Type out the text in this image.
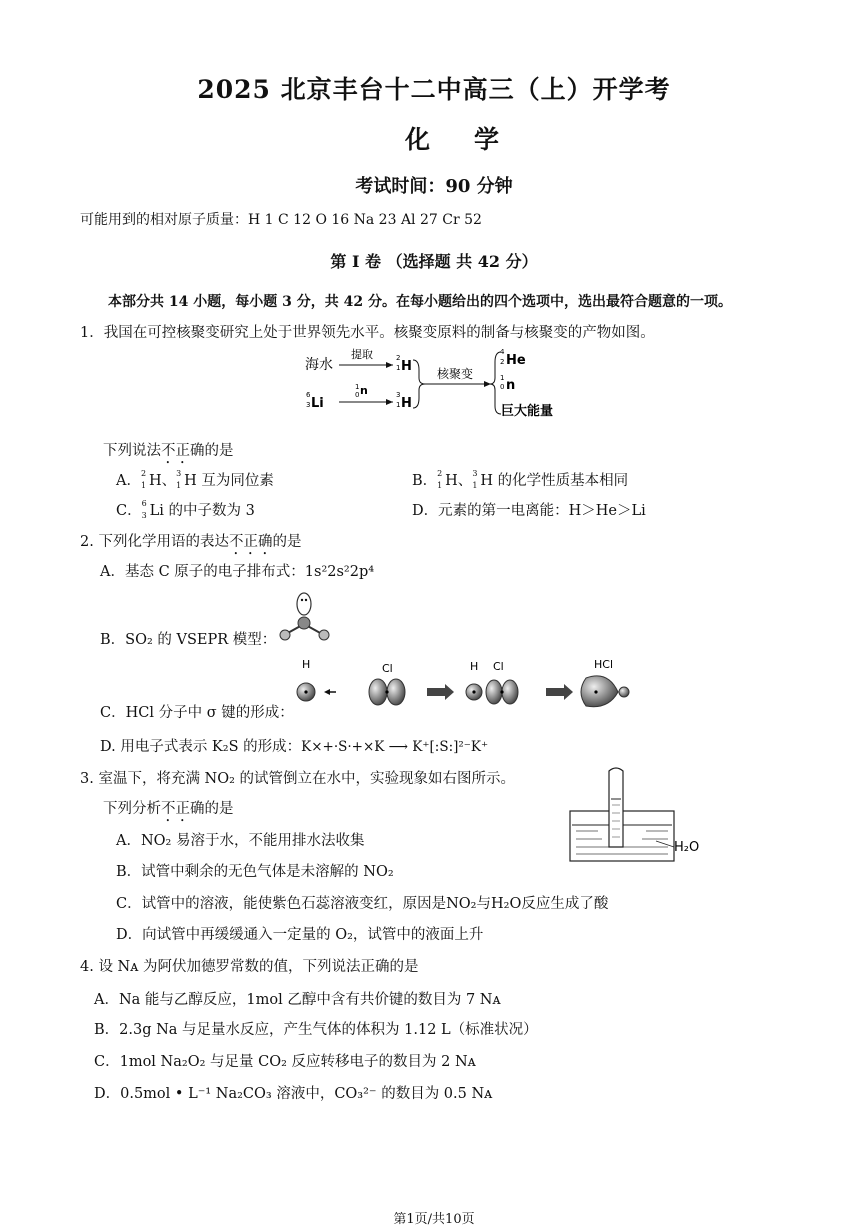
2025 北京丰台十二中高三（上）开学考
化学
考试时间：90 分钟
可能用到的相对原子质量：H 1 C 12 O 16 Na 23 Al 27 Cr 52
第 I 卷 （选择题 共 42 分）
本部分共 14 小题，每小题 3 分，共 42 分。在每小题给出的四个选项中，选出最符合题意的一项。
1．我国在可控核聚变研究上处于世界领先水平。核聚变原料的制备与核聚变的产物如图。
海水
提取	2
1 H
6
3 Li
1
0 n	3
1 H
核聚变
4
2 He
1
0 n
巨大能量
下列说法不正确的是
A． 2
1 H、 3
1 H 互为同位素	B． 2
1 H、 3
1 H 的化学性质基本相同
C． 6
3 Li 的中子数为 3	D．元素的第一电离能：H＞He＞Li
2. 下列化学用语的表达不正确的是
A．基态 C 原子的电子排布式：1s²2s²2p⁴
B．SO₂ 的 VSEPR 模型：
C．HCl 分子中 σ 键的形成：
H	Cl	H Cl	HCl
D. 用电子式表示 K₂S 的形成：K×+·S·+×K ⟶ K⁺[:S:]²⁻K⁺
3. 室温下，将充满 NO₂ 的试管倒立在水中，实验现象如右图所示。
下列分析不正确的是
H₂O
A．NO₂ 易溶于水，不能用排水法收集
B．试管中剩余的无色气体是未溶解的 NO₂
C．试管中的溶液，能使紫色石蕊溶液变红，原因是NO₂与H₂O反应生成了酸
D．向试管中再缓缓通入一定量的 O₂，试管中的液面上升
4. 设 Nᴀ 为阿伏加德罗常数的值，下列说法正确的是
A．Na 能与乙醇反应，1mol 乙醇中含有共价键的数目为 7 Nᴀ
B．2.3g Na 与足量水反应，产生气体的体积为 1.12 L（标准状况）
C．1mol Na₂O₂ 与足量 CO₂ 反应转移电子的数目为 2 Nᴀ
D．0.5mol • L⁻¹ Na₂CO₃ 溶液中，CO₃²⁻ 的数目为 0.5 Nᴀ
第1页/共10页
